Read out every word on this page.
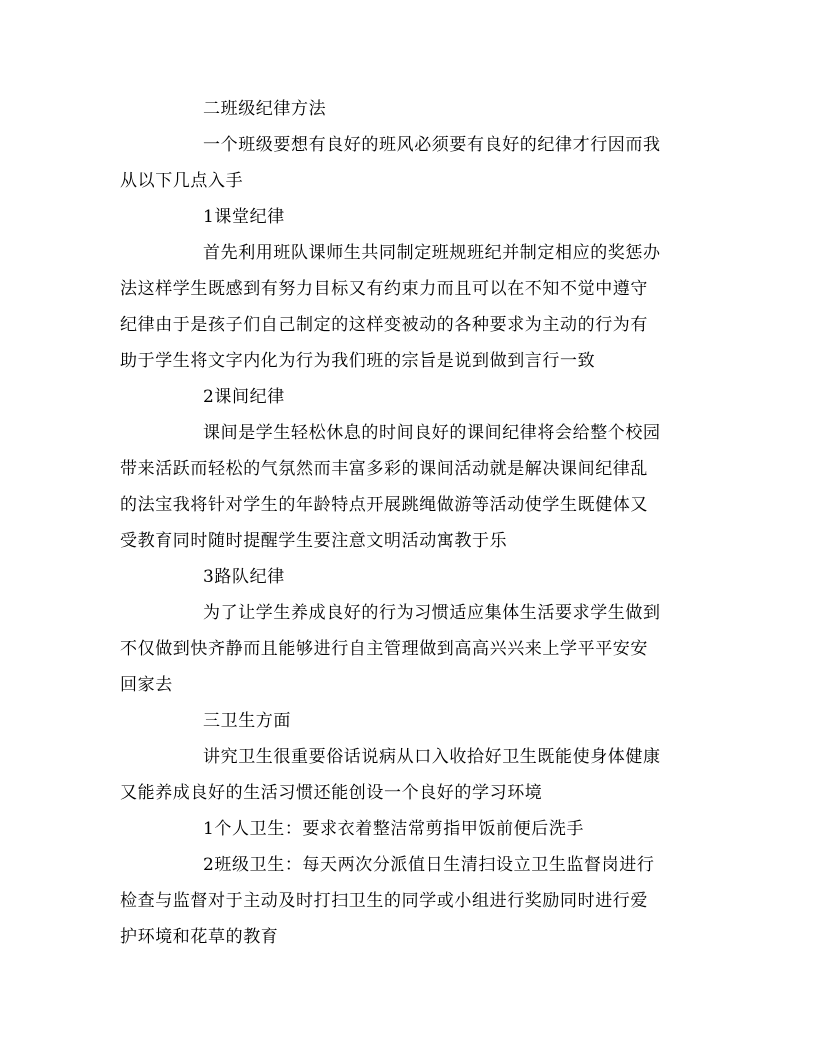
二班级纪律方法
一个班级要想有良好的班风必须要有良好的纪律才行因而我
从以下几点入手
1课堂纪律
首先利用班队课师生共同制定班规班纪并制定相应的奖惩办
法这样学生既感到有努力目标又有约束力而且可以在不知不觉中遵守
纪律由于是孩子们自己制定的这样变被动的各种要求为主动的行为有
助于学生将文字内化为行为我们班的宗旨是说到做到言行一致
2课间纪律
课间是学生轻松休息的时间良好的课间纪律将会给整个校园
带来活跃而轻松的气氛然而丰富多彩的课间活动就是解决课间纪律乱
的法宝我将针对学生的年龄特点开展跳绳做游等活动使学生既健体又
受教育同时随时提醒学生要注意文明活动寓教于乐
3路队纪律
为了让学生养成良好的行为习惯适应集体生活要求学生做到
不仅做到快齐静而且能够进行自主管理做到高高兴兴来上学平平安安
回家去
三卫生方面
讲究卫生很重要俗话说病从口入收拾好卫生既能使身体健康
又能养成良好的生活习惯还能创设一个良好的学习环境
1个人卫生：要求衣着整洁常剪指甲饭前便后洗手
2班级卫生：每天两次分派值日生清扫设立卫生监督岗进行
检查与监督对于主动及时打扫卫生的同学或小组进行奖励同时进行爱
护环境和花草的教育
